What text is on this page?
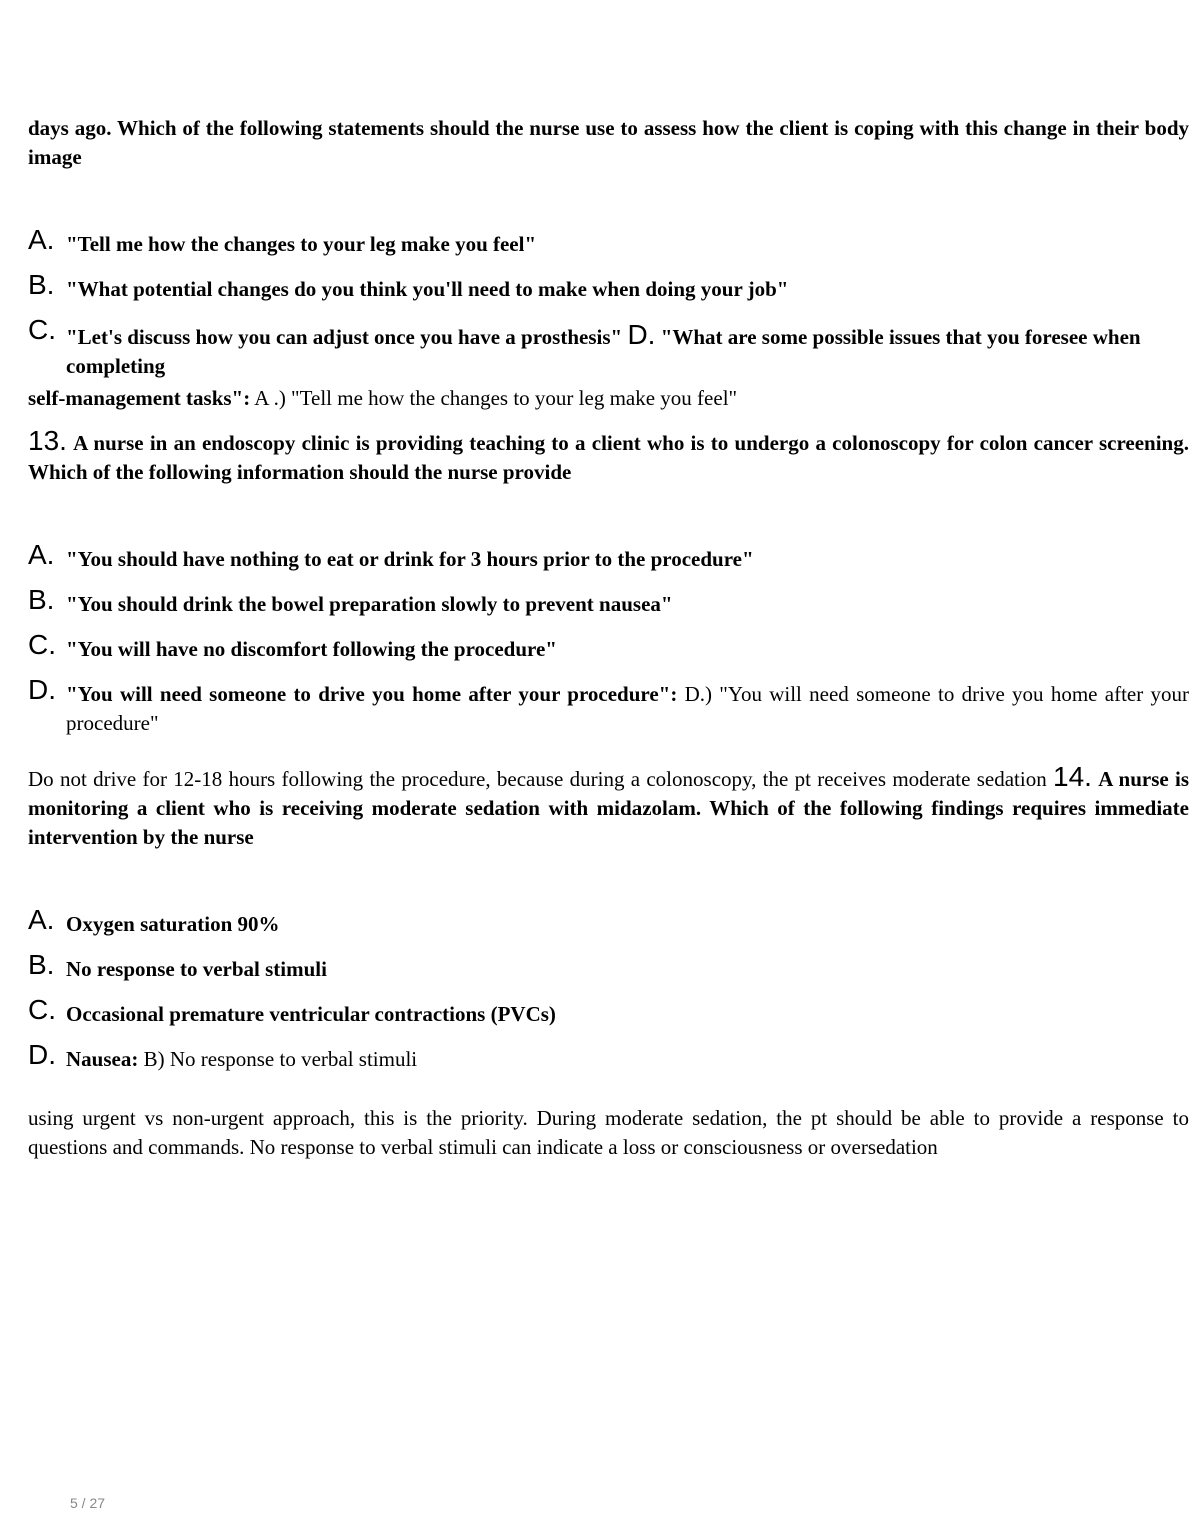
days ago. Which of the following statements should the nurse use to assess how the client is coping with this change in their body image

A. "Tell me how the changes to your leg make you feel"
B. "What potential changes do you think you'll need to make when doing your job"
C. "Let's discuss how you can adjust once you have a prosthesis" D. "What are some possible issues that you foresee when completing

self-management tasks": A .) "Tell me how the changes to your leg make you feel"

13. A nurse in an endoscopy clinic is providing teaching to a client who is to undergo a colonoscopy for colon cancer screening. Which of the following information should the nurse provide

A. "You should have nothing to eat or drink for 3 hours prior to the procedure"
B. "You should drink the bowel preparation slowly to prevent nausea"
C. "You will have no discomfort following the procedure"
D. "You will need someone to drive you home after your procedure": D.) "You will need someone to drive you home after your procedure"

Do not drive for 12-18 hours following the procedure, because during a colonoscopy, the pt receives moderate sedation 14. A nurse is monitoring a client who is receiving moderate sedation with midazolam. Which of the following findings requires immediate intervention by the nurse

A. Oxygen saturation 90%
B. No response to verbal stimuli
C. Occasional premature ventricular contractions (PVCs)
D. Nausea: B) No response to verbal stimuli

using urgent vs non-urgent approach, this is the priority. During moderate sedation, the pt should be able to provide a response to questions and commands. No response to verbal stimuli can indicate a loss or consciousness or oversedation

5 / 27
